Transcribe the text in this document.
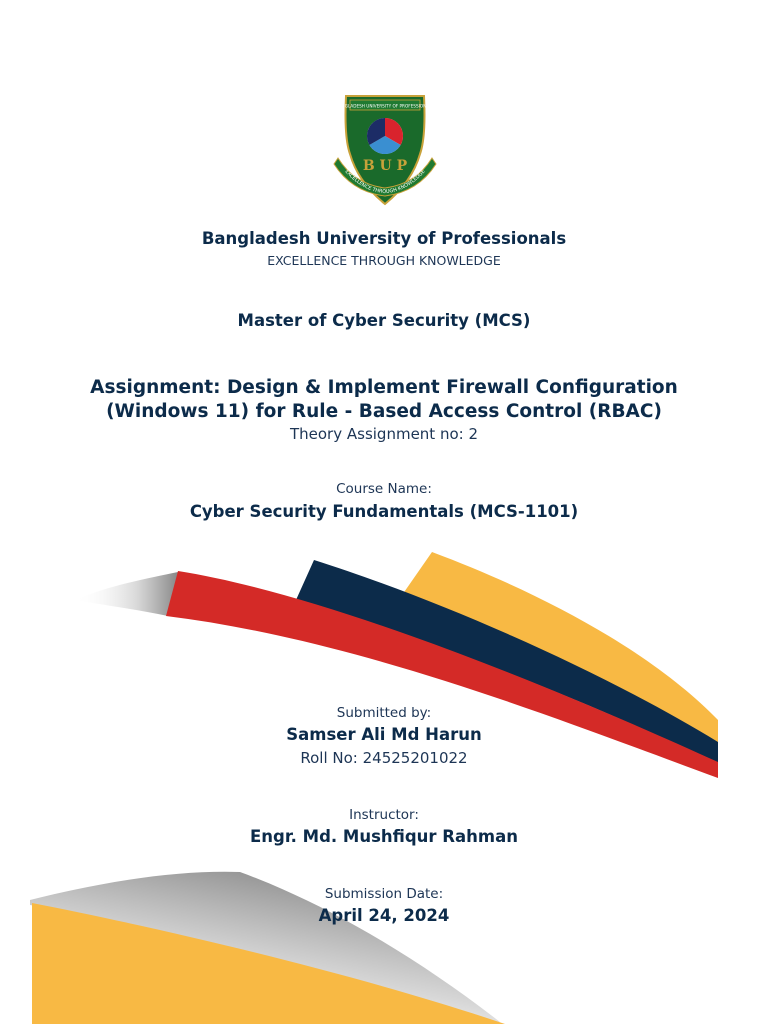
BANGLADESH UNIVERSITY OF PROFESSIONALS
B U P
EXCELLENCE THROUGH KNOWLEDGE
Bangladesh University of Professionals
EXCELLENCE THROUGH KNOWLEDGE
Master of Cyber Security (MCS)
Assignment: Design & Implement Firewall Configuration
(Windows 11) for Rule - Based Access Control (RBAC)
Theory Assignment no: 2
Course Name:
Cyber Security Fundamentals (MCS-1101)
Submitted by:
Samser Ali Md Harun
Roll No: 24525201022
Instructor:
Engr. Md. Mushfiqur Rahman
Submission Date:
April 24, 2024
